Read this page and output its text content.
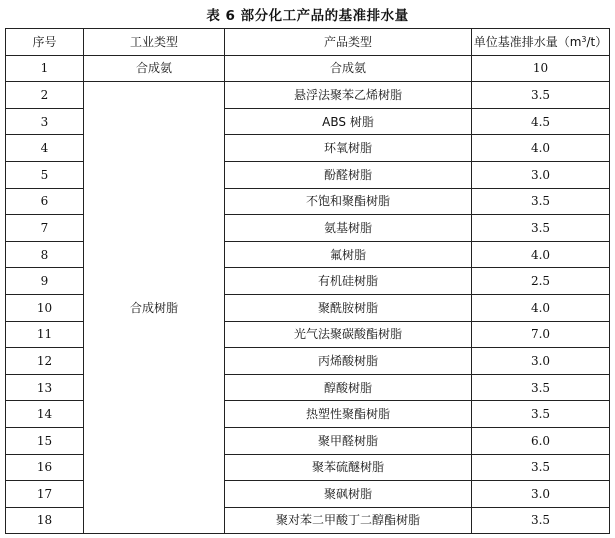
表 6 部分化工产品的基准排水量
序号	工业类型	产品类型	单位基准排水量$(m^3/t)$
1	合成氨	合成氨	10
2	合成树脂	悬浮法聚苯乙烯树脂	3.5
3		ABS 树脂	4.5
4		环氧树脂	4.0
5		酚醛树脂	3.0
6		不饱和聚酯树脂	3.5
7		氨基树脂	3.5
8		氟树脂	4.0
9		有机硅树脂	2.5
10		聚酰胺树脂	4.0
11		光气法聚碳酸酯树脂	7.0
12		丙烯酸树脂	3.0
13		醇酸树脂	3.5
14		热塑性聚酯树脂	3.5
15		聚甲醛树脂	6.0
16		聚苯硫醚树脂	3.5
17		聚砜树脂	3.0
18		聚对苯二甲酸丁二醇酯树脂	3.5
